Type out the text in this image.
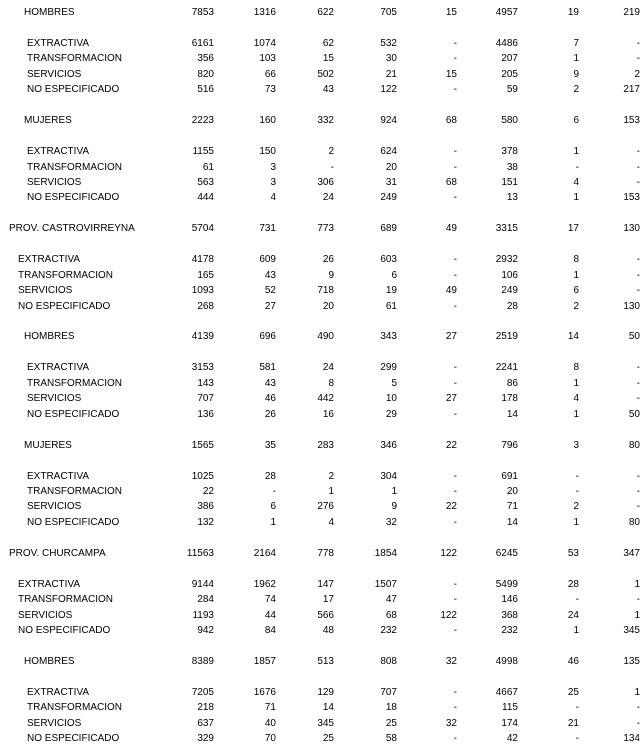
HOMBRES	7853	1316	622	705	15	4957	19	219
EXTRACTIVA	6161	1074	62	532	-	4486	7	-
TRANSFORMACION	356	103	15	30	-	207	1	-
SERVICIOS	820	66	502	21	15	205	9	2
NO ESPECIFICADO	516	73	43	122	-	59	2	217
MUJERES	2223	160	332	924	68	580	6	153
EXTRACTIVA	1155	150	2	624	-	378	1	-
TRANSFORMACION	61	3	-	20	-	38	-	-
SERVICIOS	563	3	306	31	68	151	4	-
NO ESPECIFICADO	444	4	24	249	-	13	1	153
PROV. CASTROVIRREYNA	5704	731	773	689	49	3315	17	130
EXTRACTIVA	4178	609	26	603	-	2932	8	-
TRANSFORMACION	165	43	9	6	-	106	1	-
SERVICIOS	1093	52	718	19	49	249	6	-
NO ESPECIFICADO	268	27	20	61	-	28	2	130
HOMBRES	4139	696	490	343	27	2519	14	50
EXTRACTIVA	3153	581	24	299	-	2241	8	-
TRANSFORMACION	143	43	8	5	-	86	1	-
SERVICIOS	707	46	442	10	27	178	4	-
NO ESPECIFICADO	136	26	16	29	-	14	1	50
MUJERES	1565	35	283	346	22	796	3	80
EXTRACTIVA	1025	28	2	304	-	691	-	-
TRANSFORMACION	22	-	1	1	-	20	-	-
SERVICIOS	386	6	276	9	22	71	2	-
NO ESPECIFICADO	132	1	4	32	-	14	1	80
PROV. CHURCAMPA	11563	2164	778	1854	122	6245	53	347
EXTRACTIVA	9144	1962	147	1507	-	5499	28	1
TRANSFORMACION	284	74	17	47	-	146	-	-
SERVICIOS	1193	44	566	68	122	368	24	1
NO ESPECIFICADO	942	84	48	232	-	232	1	345
HOMBRES	8389	1857	513	808	32	4998	46	135
EXTRACTIVA	7205	1676	129	707	-	4667	25	1
TRANSFORMACION	218	71	14	18	-	115	-	-
SERVICIOS	637	40	345	25	32	174	21	-
NO ESPECIFICADO	329	70	25	58	-	42	-	134
